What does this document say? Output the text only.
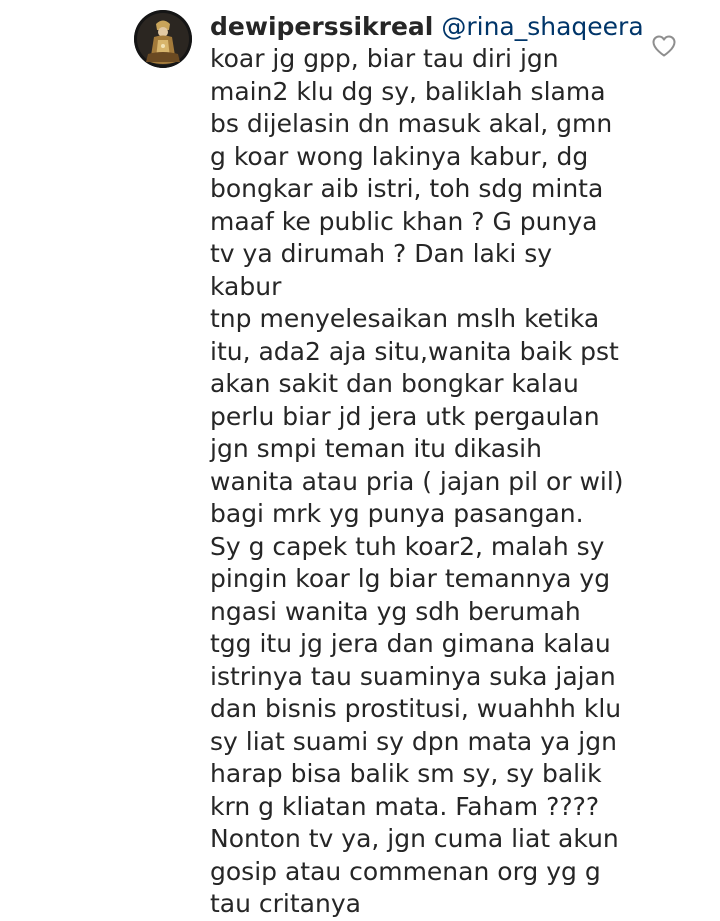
dewiperssikreal @rina_shaqeera

koar jg gpp, biar tau diri jgn
main2 klu dg sy, baliklah slama
bs dijelasin dn masuk akal, gmn
g koar wong lakinya kabur, dg
bongkar aib istri, toh sdg minta
maaf ke public khan ? G punya
tv ya dirumah ? Dan laki sy kabur
tnp menyelesaikan mslh ketika
itu, ada2 aja situ,wanita baik pst
akan sakit dan bongkar kalau
perlu biar jd jera utk pergaulan
jgn smpi teman itu dikasih
wanita atau pria ( jajan pil or wil)
bagi mrk yg punya pasangan.
Sy g capek tuh koar2, malah sy
pingin koar lg biar temannya yg
ngasi wanita yg sdh berumah
tgg itu jg jera dan gimana kalau
istrinya tau suaminya suka jajan
dan bisnis prostitusi, wuahhh klu
sy liat suami sy dpn mata ya jgn
harap bisa balik sm sy, sy balik
krn g kliatan mata. Faham ????
Nonton tv ya, jgn cuma liat akun
gosip atau commenan org yg g
tau critanya
